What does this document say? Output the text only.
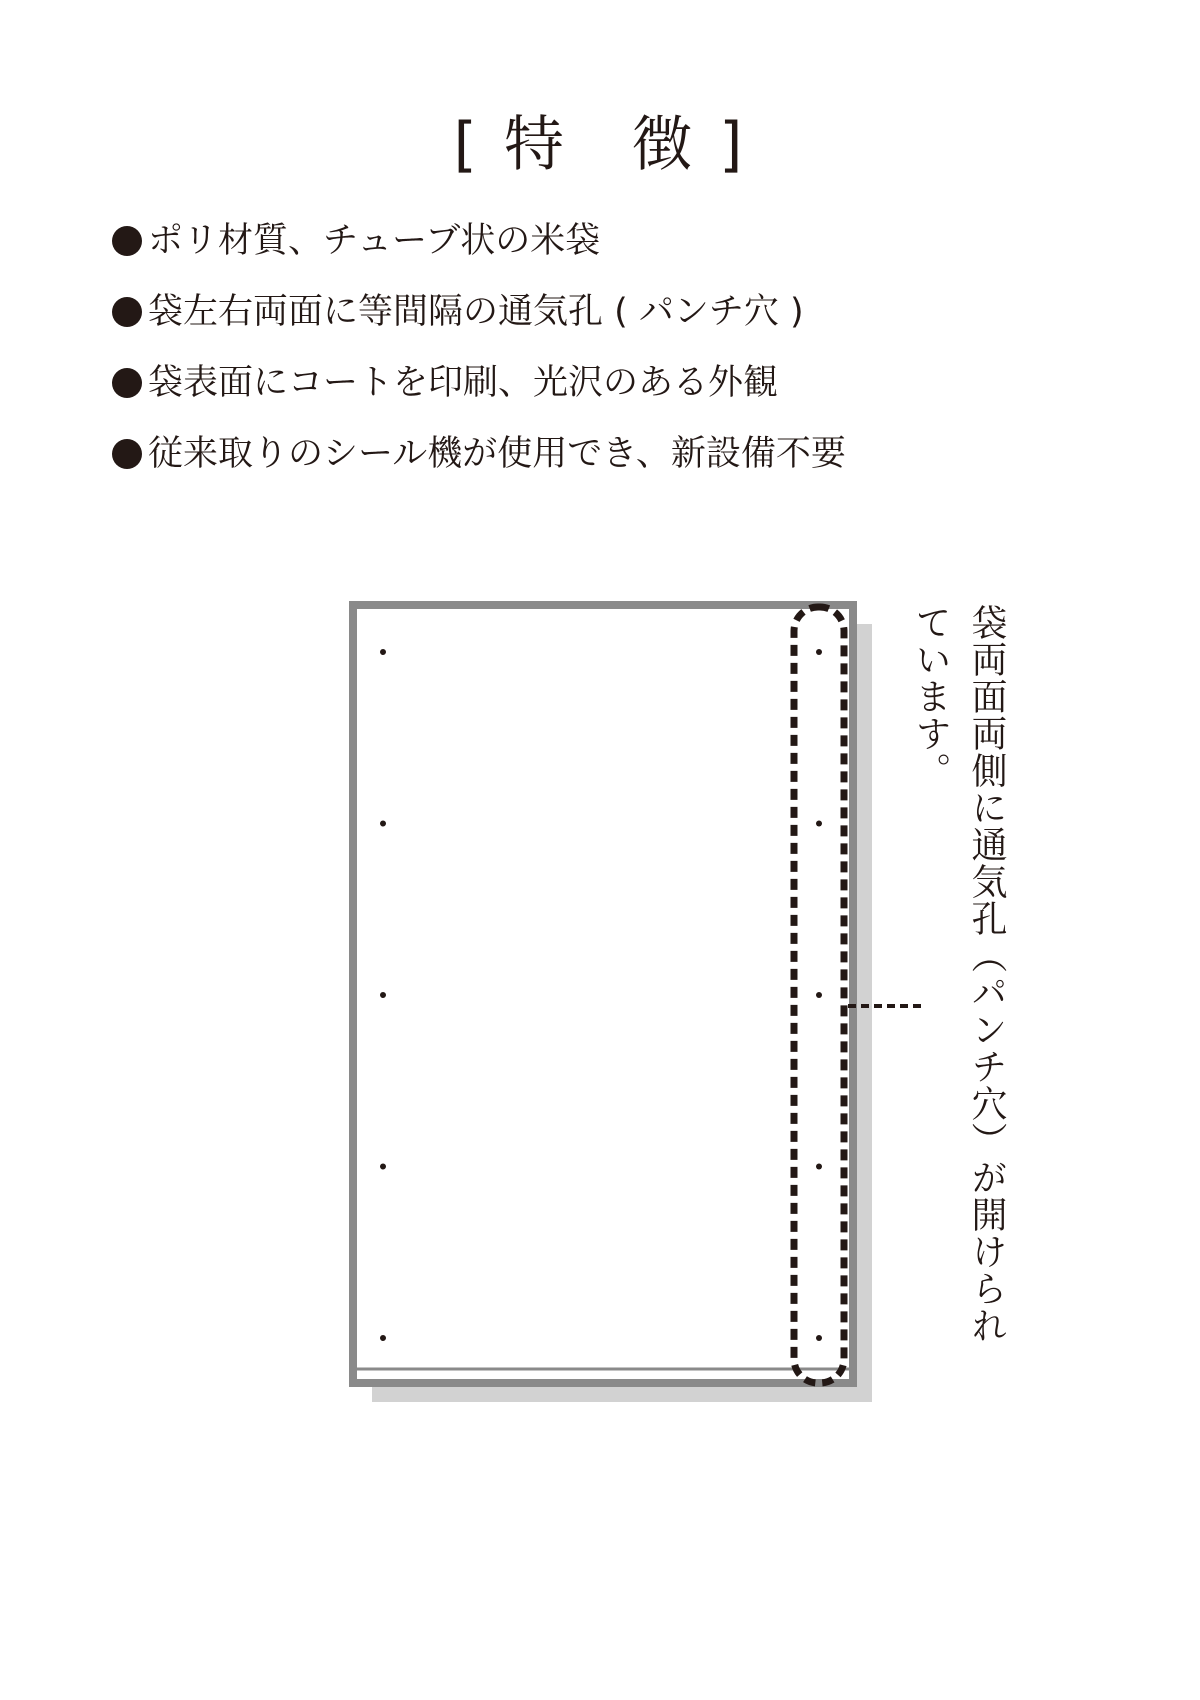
[ 特　徴 ]
ポリ材質、チューブ状の米袋
袋左右両面に等間隔の通気孔 ( パンチ穴 )
袋表面にコートを印刷、光沢のある外観
従来取りのシール機が使用でき、新設備不要
袋両面両側に通気孔（パンチ穴）が開けられ
ています。
